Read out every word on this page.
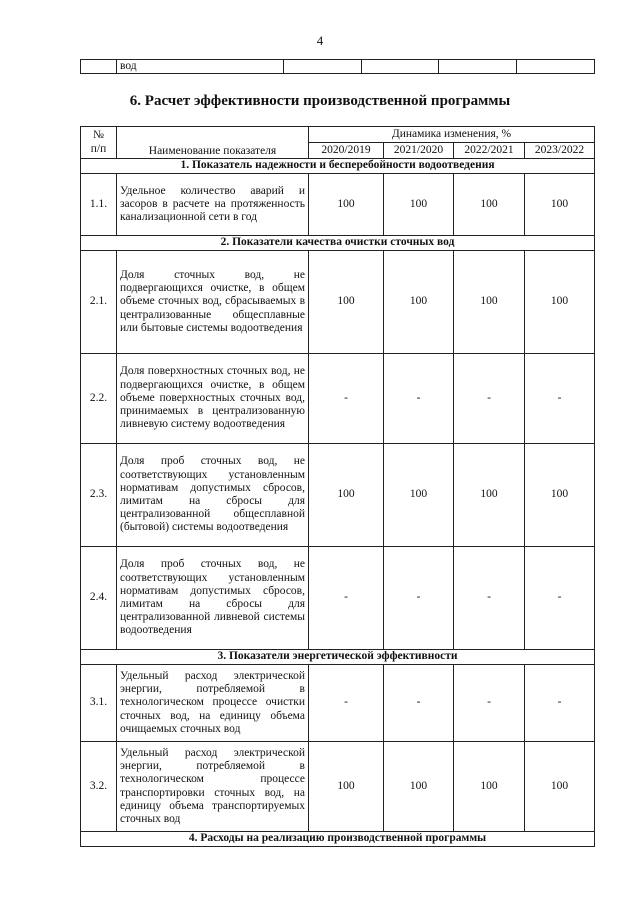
4
	вод				
6. Расчет эффективности производственной программы
№
п/п	Наименование показателя	Динамика изменения, %			
		2020/2019	2021/2020	2022/2021	2023/2022
1. Показатель надежности и бесперебойности водоотведения					
1.1.	Удельное количество аварий и засоров в расчете на протяженность канализационной сети в год	100	100	100	100
2. Показатели качества очистки сточных вод					
2.1.	Доля сточных вод, не подвергающихся очистке, в общем объеме сточных вод, сбрасываемых в централизованные общесплавные или бытовые системы водоотведения	100	100	100	100
2.2.	Доля поверхностных сточных вод, не подвергающихся очистке, в общем объеме поверхностных сточных вод, принимаемых в централизованную ливневую систему водоотведения	-	-	-	-
2.3.	Доля проб сточных вод, не соответствующих установленным нормативам допустимых сбросов, лимитам на сбросы для централизованной общесплавной (бытовой) системы водоотведения	100	100	100	100
2.4.	Доля проб сточных вод, не соответствующих установленным нормативам допустимых сбросов, лимитам на сбросы для централизованной ливневой системы водоотведения	-	-	-	-
3. Показатели энергетической эффективности					
3.1.	Удельный расход электрической энергии, потребляемой в технологическом процессе очистки сточных вод, на единицу объема очищаемых сточных вод	-	-	-	-
3.2.	Удельный расход электрической энергии, потребляемой в технологическом процессе транспортировки сточных вод, на единицу объема транспортируемых сточных вод	100	100	100	100
4. Расходы на реализацию производственной программы					
